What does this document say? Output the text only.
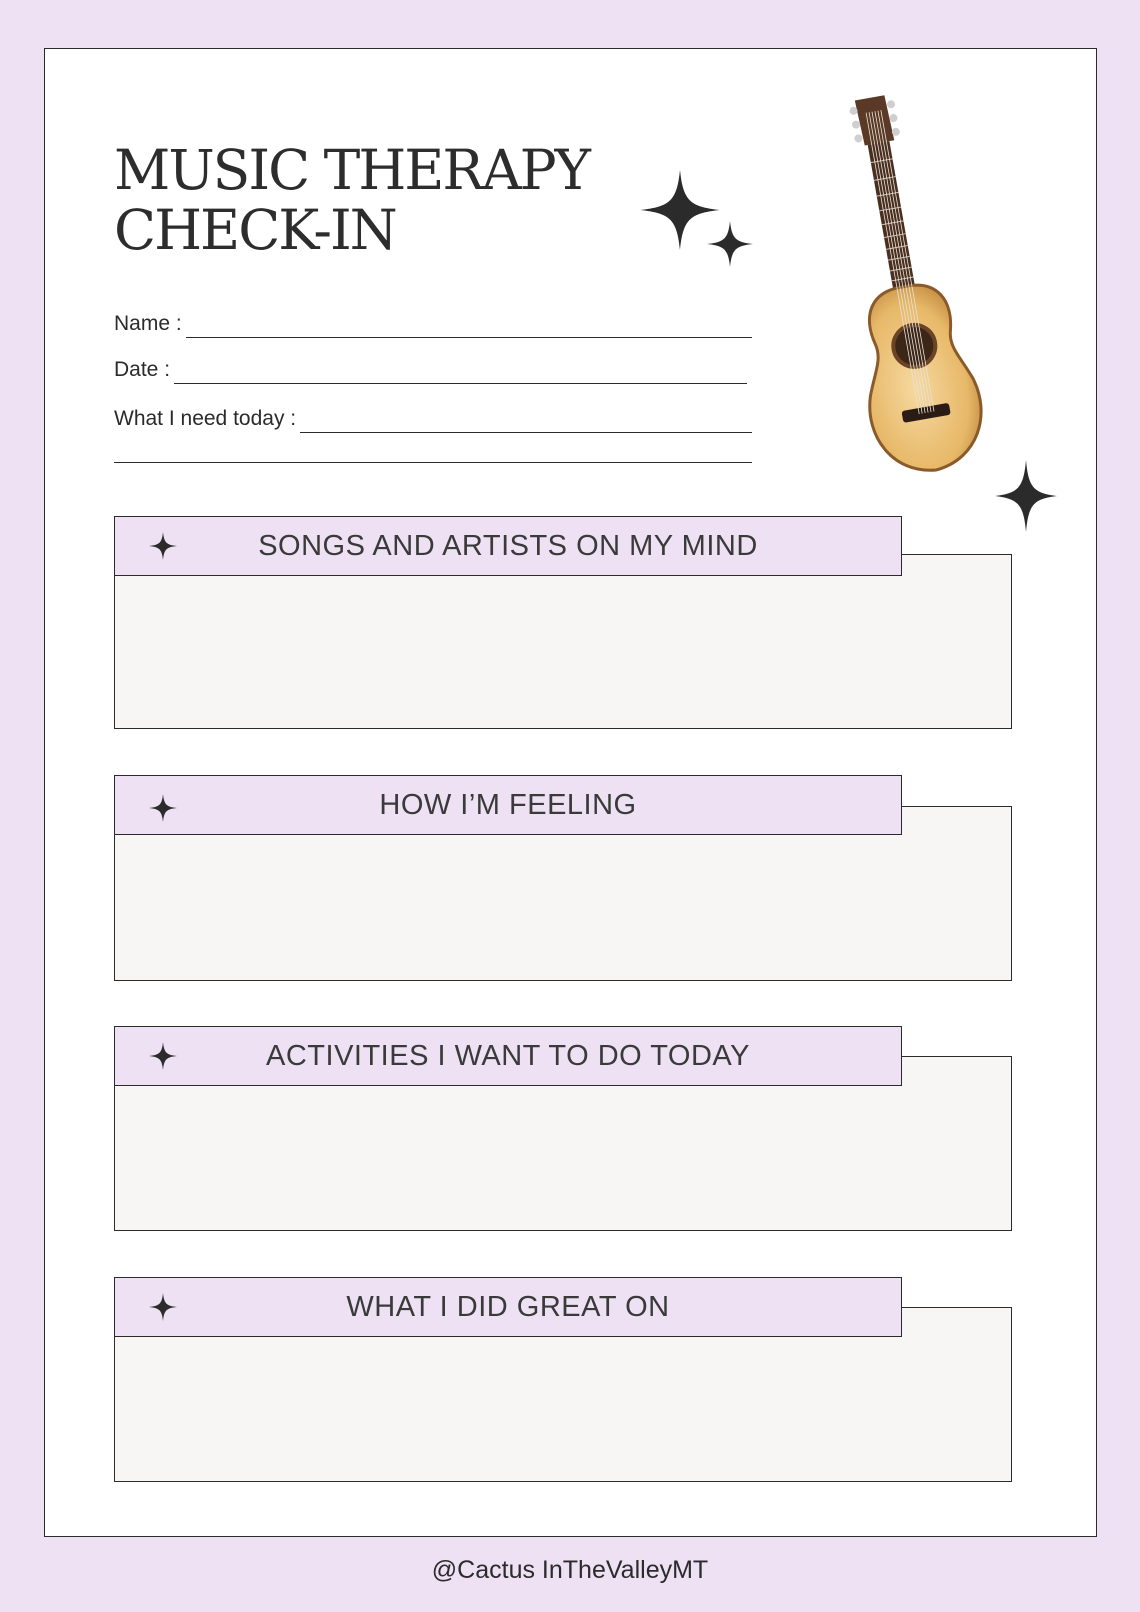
MUSIC THERAPY
CHECK-IN
Name :
Date :
What I need today :
SONGS AND ARTISTS ON MY MIND
HOW I’M FEELING
ACTIVITIES I WANT TO DO TODAY
WHAT I DID GREAT ON
@Cactus InTheValleyMT
